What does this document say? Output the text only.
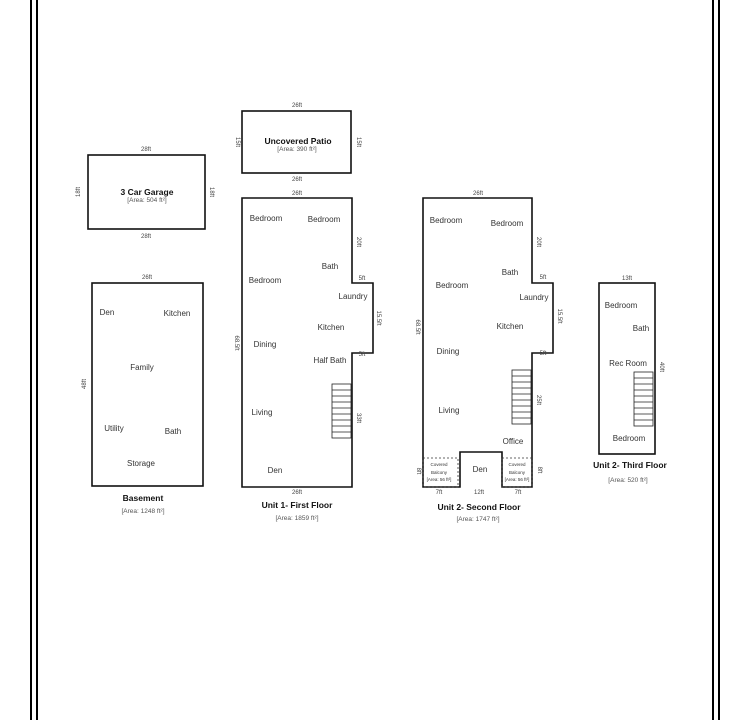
28ft
28ft
18ft	18ft
3 Car Garage
[Area: 504 ft²]
26ft
26ft
15ft	15ft
Uncovered Patio
[Area: 390 ft²]
26ft
48ft
Den	Kitchen
Family
Utility	Bath
Storage
Basement
[Area: 1248 ft²]
26ft
26ft
68.5ft
20ft
5ft
15.5ft
5ft
33ft
Bedroom	Bedroom
Bedroom
Bath
Laundry
Kitchen
Dining
Half Bath
Living
Den
Unit 1- First Floor
[Area: 1859 ft²]
26ft
68.5ft
20ft
5ft
15.5ft
5ft
25ft
8ft	8ft
7ft	12ft	7ft
Bedroom	Bedroom
Bath
Bedroom
Laundry
Kitchen
Dining
Living
Office
Den
Covered
Balcony
[Area: 56 ft²]
Covered
Balcony
[Area: 56 ft²]
Unit 2- Second Floor
[Area: 1747 ft²]
13ft
40ft
Bedroom
Bath
Rec Room
Bedroom
Unit 2- Third Floor
[Area: 520 ft²]
